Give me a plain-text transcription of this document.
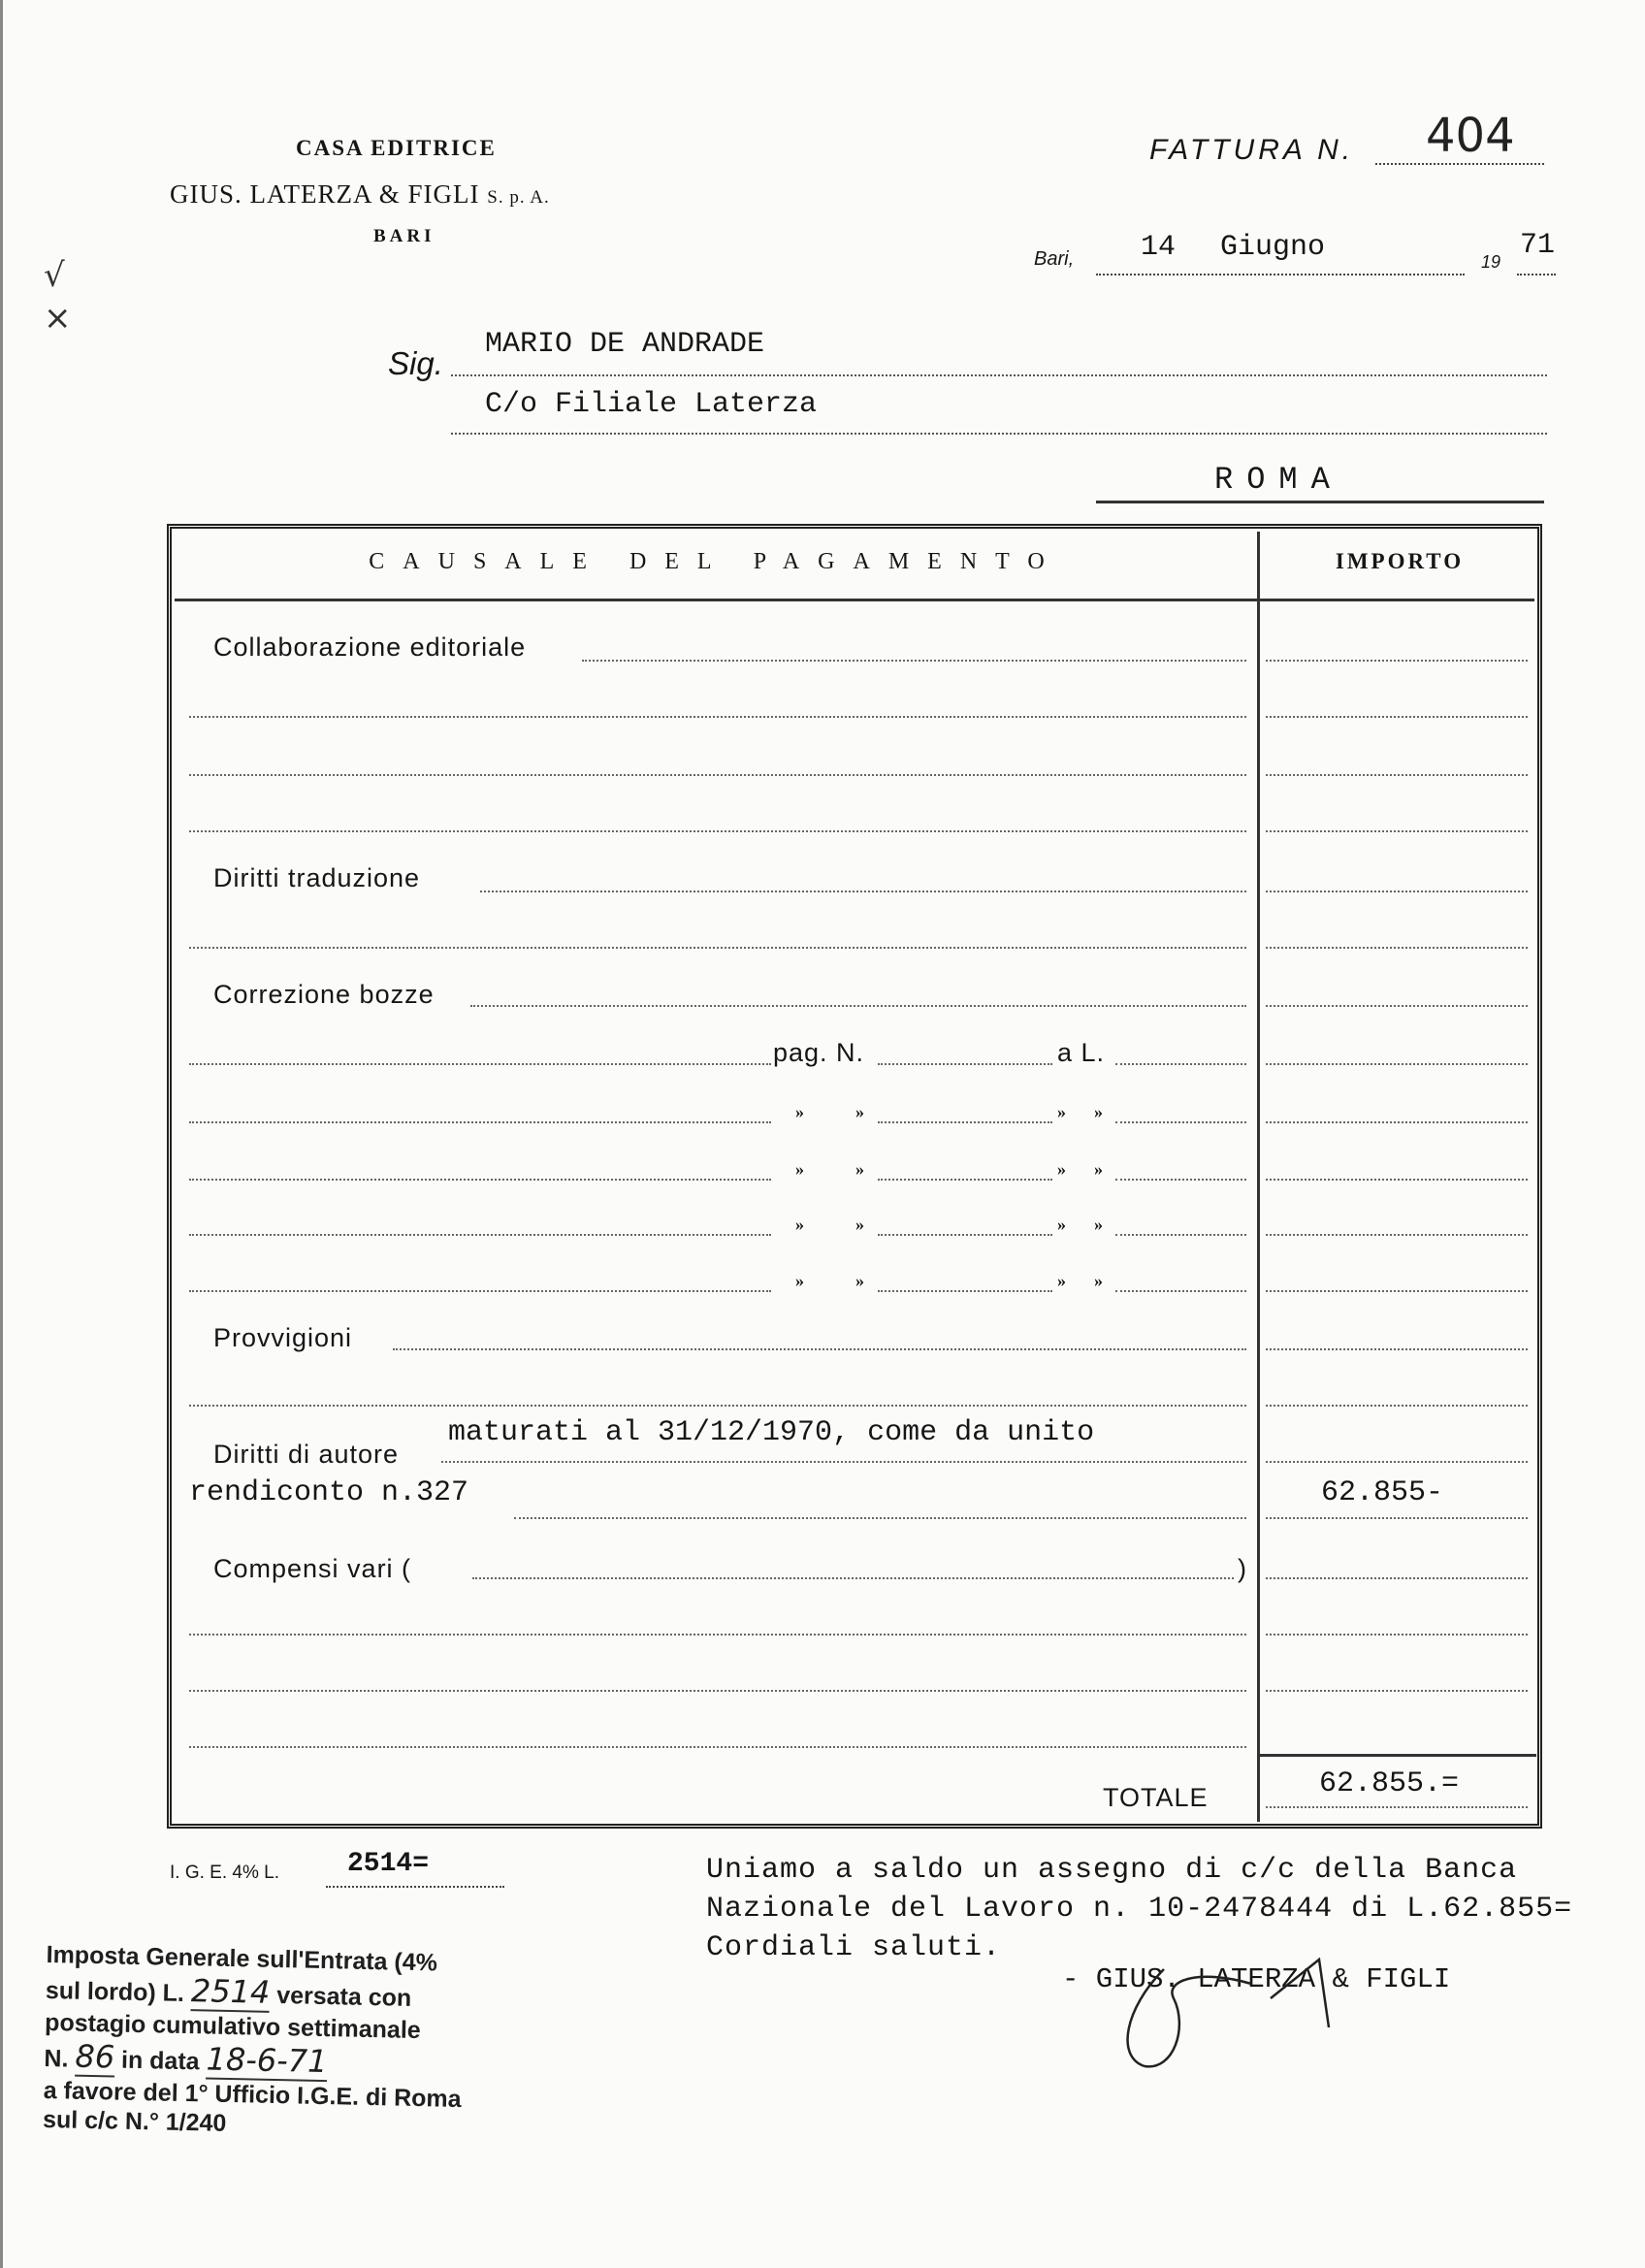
CASA EDITRICE
GIUS. LATERZA & FIGLI S. p. A.
BARI
FATTURA N. 404
Bari, 14 Giugno	19 71
√
×
Sig.
MARIO DE ANDRADE
C/o Filiale Laterza
ROMA
CAUSALE DEL PAGAMENTO	IMPORTO
Collaborazione editoriale
Diritti traduzione
Correzione bozze
pag. N.	a L.
»	»	» »
»	»	» »
»	»	» »
»	»	» »
Provvigioni
Diritti di autore
maturati al 31/12/1970, come da unito
rendiconto n.327	62.855-
Compensi vari (	)
TOTALE	62.855.=
I. G. E. 4% L.	2514=
Imposta Generale sull'Entrata (4%
sul lordo) L. 2514 versata con
postagio cumulativo settimanale
N. 86 in data 18-6-71
a favore del 1° Ufficio I.G.E. di Roma
sul c/c N.° 1/240
Uniamo a saldo un assegno di c/c della Banca
Nazionale del Lavoro n. 10-2478444 di L.62.855=
Cordiali saluti.
- GIUS. LATERZA & FIGLI
